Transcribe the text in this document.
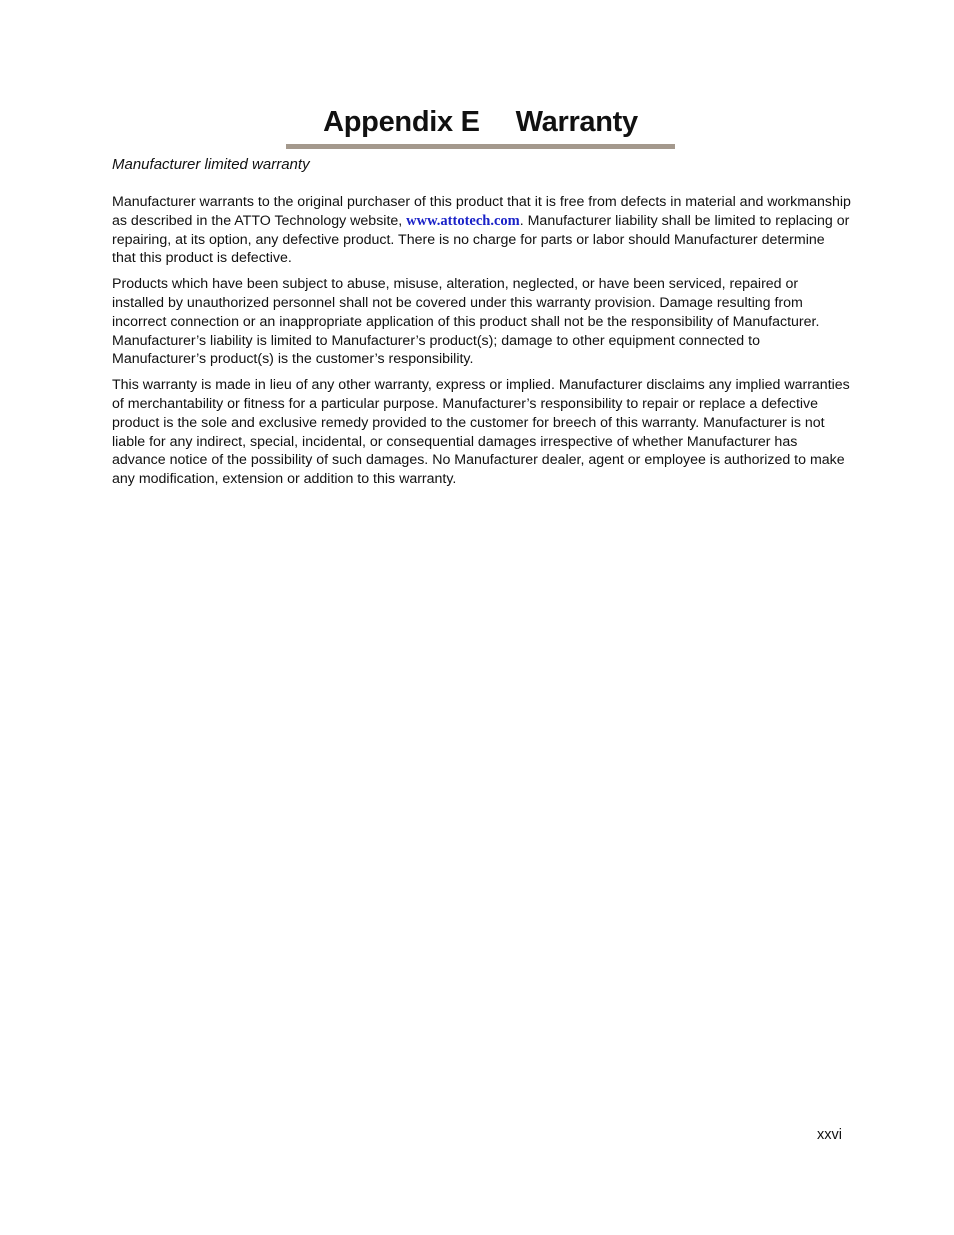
Appendix E Warranty

Manufacturer limited warranty

Manufacturer warrants to the original purchaser of this product that it is free from defects in material and workmanship as described in the ATTO Technology website, www.attotech.com. Manufacturer liability shall be limited to replacing or repairing, at its option, any defective product. There is no charge for parts or labor should Manufacturer determine that this product is defective.

Products which have been subject to abuse, misuse, alteration, neglected, or have been serviced, repaired or installed by unauthorized personnel shall not be covered under this warranty provision. Damage resulting from incorrect connection or an inappropriate application of this product shall not be the responsibility of Manufacturer. Manufacturer’s liability is limited to Manufacturer’s product(s); damage to other equipment connected to Manufacturer’s product(s) is the customer’s responsibility.

This warranty is made in lieu of any other warranty, express or implied. Manufacturer disclaims any implied warranties of merchantability or fitness for a particular purpose. Manufacturer’s responsibility to repair or replace a defective product is the sole and exclusive remedy provided to the customer for breech of this warranty. Manufacturer is not liable for any indirect, special, incidental, or consequential damages irrespective of whether Manufacturer has advance notice of the possibility of such damages. No Manufacturer dealer, agent or employee is authorized to make any modification, extension or addition to this warranty.

xxvi
